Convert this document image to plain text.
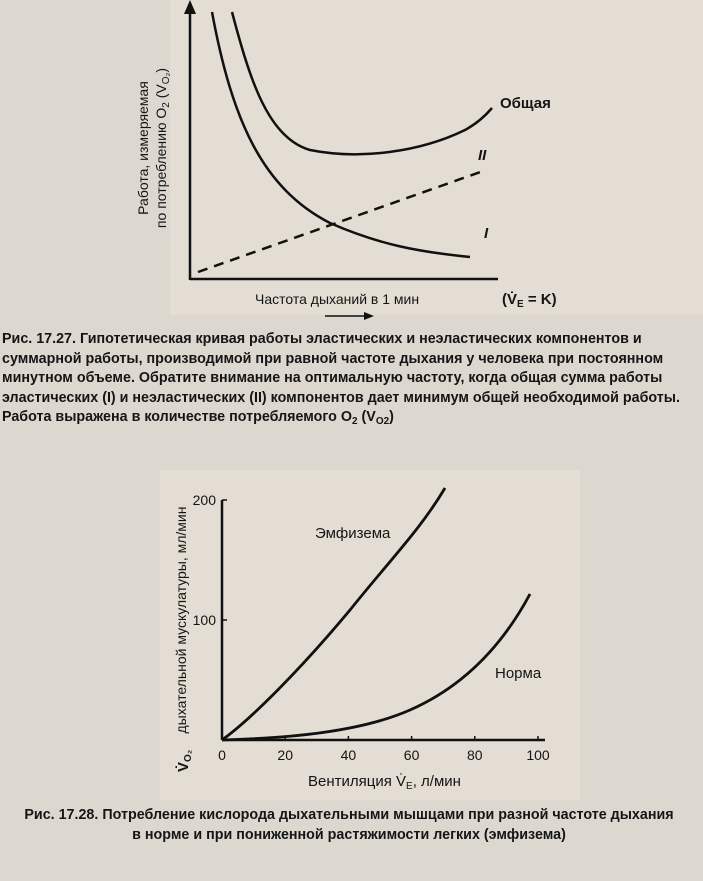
Общая
II
I
Работа, измеряемая по потреблению $O_2$ $(V_{O_2})$
Частота дыханий в 1 мин	$(V̇_E = K)$
Рис. 17.27. Гипотетическая кривая работы эластических и неэластических компонентов и суммарной работы, производимой при равной частоте дыхания у человека при постоянном минутном объеме. Обратите внимание на оптимальную частоту, когда общая сумма работы эластических (I) и неэластических (II) компонентов дает минимум общей необходимой работы. Работа выражена в количестве потребляемого $O_2$ $(V_{O2})$
0	20	40	60	80	100
100
200
Эмфизема
Норма
дыхательной мускулатуры, мл/мин
$V̇_{O_2}$
Вентиляция $V̇_E$, л/мин
Рис. 17.28. Потребление кислорода дыхательными мышцами при разной частоте дыхания в норме и при пониженной растяжимости легких (эмфизема)
